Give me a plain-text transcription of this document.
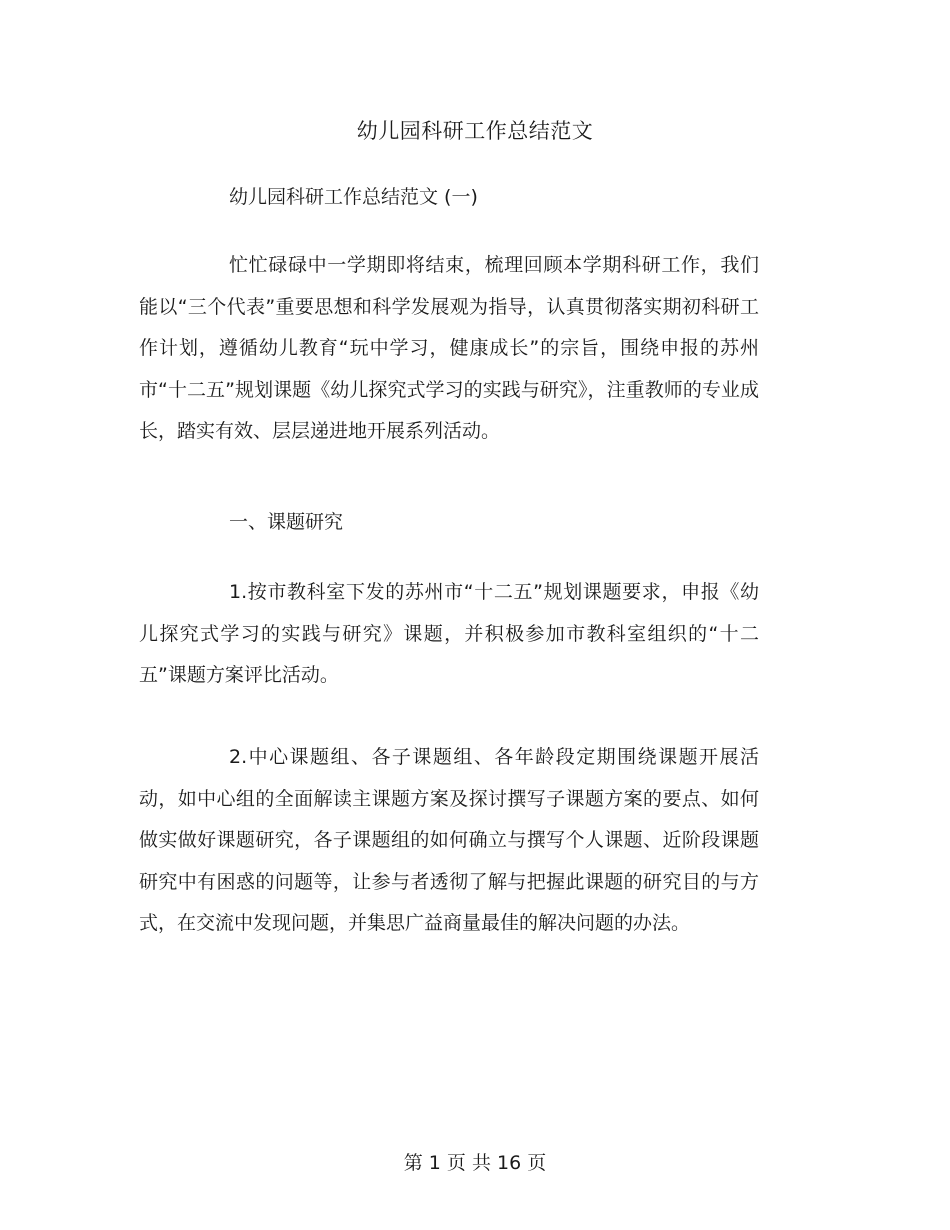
幼儿园科研工作总结范文
幼儿园科研工作总结范文 (一)

忙忙碌碌中一学期即将结束，梳理回顾本学期科研工作，我们能以“三个代表”重要思想和科学发展观为指导，认真贯彻落实期初科研工作计划，遵循幼儿教育“玩中学习，健康成长”的宗旨，围绕申报的苏州市“十二五”规划课题《幼儿探究式学习的实践与研究》，注重教师的专业成长，踏实有效、层层递进地开展系列活动。

一、课题研究

1.按市教科室下发的苏州市“十二五”规划课题要求，申报《幼儿探究式学习的实践与研究》课题，并积极参加市教科室组织的“十二五”课题方案评比活动。

2.中心课题组、各子课题组、各年龄段定期围绕课题开展活动，如中心组的全面解读主课题方案及探讨撰写子课题方案的要点、如何做实做好课题研究，各子课题组的如何确立与撰写个人课题、近阶段课题研究中有困惑的问题等，让参与者透彻了解与把握此课题的研究目的与方式，在交流中发现问题，并集思广益商量最佳的解决问题的办法。

第 1 页 共 16 页
